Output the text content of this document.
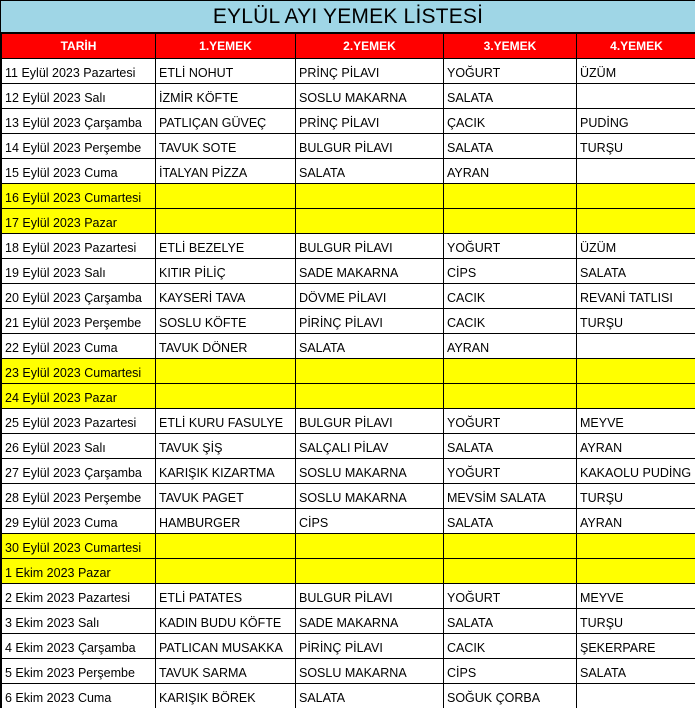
EYLÜL AYI YEMEK LİSTESİ
TARİH	1.YEMEK	2.YEMEK	3.YEMEK	4.YEMEK
11 Eylül 2023 Pazartesi	ETLİ NOHUT	PRİNÇ PİLAVI	YOĞURT	ÜZÜM
12 Eylül 2023 Salı	İZMİR KÖFTE	SOSLU MAKARNA	SALATA	
13 Eylül 2023 Çarşamba	PATLIÇAN GÜVEÇ	PRİNÇ PİLAVI	ÇACIK	PUDİNG
14 Eylül 2023 Perşembe	TAVUK SOTE	BULGUR PİLAVI	SALATA	TURŞU
15 Eylül 2023 Cuma	İTALYAN PİZZA	SALATA	AYRAN	
16 Eylül 2023 Cumartesi				
17 Eylül 2023 Pazar				
18 Eylül 2023 Pazartesi	ETLİ BEZELYE	BULGUR PİLAVI	YOĞURT	ÜZÜM
19 Eylül 2023 Salı	KITIR PİLİÇ	SADE MAKARNA	CİPS	SALATA
20 Eylül 2023 Çarşamba	KAYSERİ TAVA	DÖVME PİLAVI	CACIK	REVANİ TATLISI
21 Eylül 2023 Perşembe	SOSLU KÖFTE	PİRİNÇ PİLAVI	CACIK	TURŞU
22 Eylül 2023 Cuma	TAVUK DÖNER	SALATA	AYRAN	
23 Eylül 2023 Cumartesi				
24 Eylül 2023 Pazar				
25 Eylül 2023 Pazartesi	ETLİ KURU FASULYE	BULGUR PİLAVI	YOĞURT	MEYVE
26 Eylül 2023 Salı	TAVUK ŞİŞ	SALÇALI PİLAV	SALATA	AYRAN
27 Eylül 2023 Çarşamba	KARIŞIK KIZARTMA	SOSLU MAKARNA	YOĞURT	KAKAOLU PUDİNG
28 Eylül 2023 Perşembe	TAVUK PAGET	SOSLU MAKARNA	MEVSİM SALATA	TURŞU
29 Eylül 2023 Cuma	HAMBURGER	CİPS	SALATA	AYRAN
30 Eylül 2023 Cumartesi				
1 Ekim 2023 Pazar				
2 Ekim 2023 Pazartesi	ETLİ PATATES	BULGUR PİLAVI	YOĞURT	MEYVE
3 Ekim 2023 Salı	KADIN BUDU KÖFTE	SADE MAKARNA	SALATA	TURŞU
4 Ekim 2023 Çarşamba	PATLICAN MUSAKKA	PİRİNÇ PİLAVI	CACIK	ŞEKERPARE
5 Ekim 2023 Perşembe	TAVUK SARMA	SOSLU MAKARNA	CİPS	SALATA
6 Ekim 2023 Cuma	KARIŞIK BÖREK	SALATA	SOĞUK ÇORBA	
